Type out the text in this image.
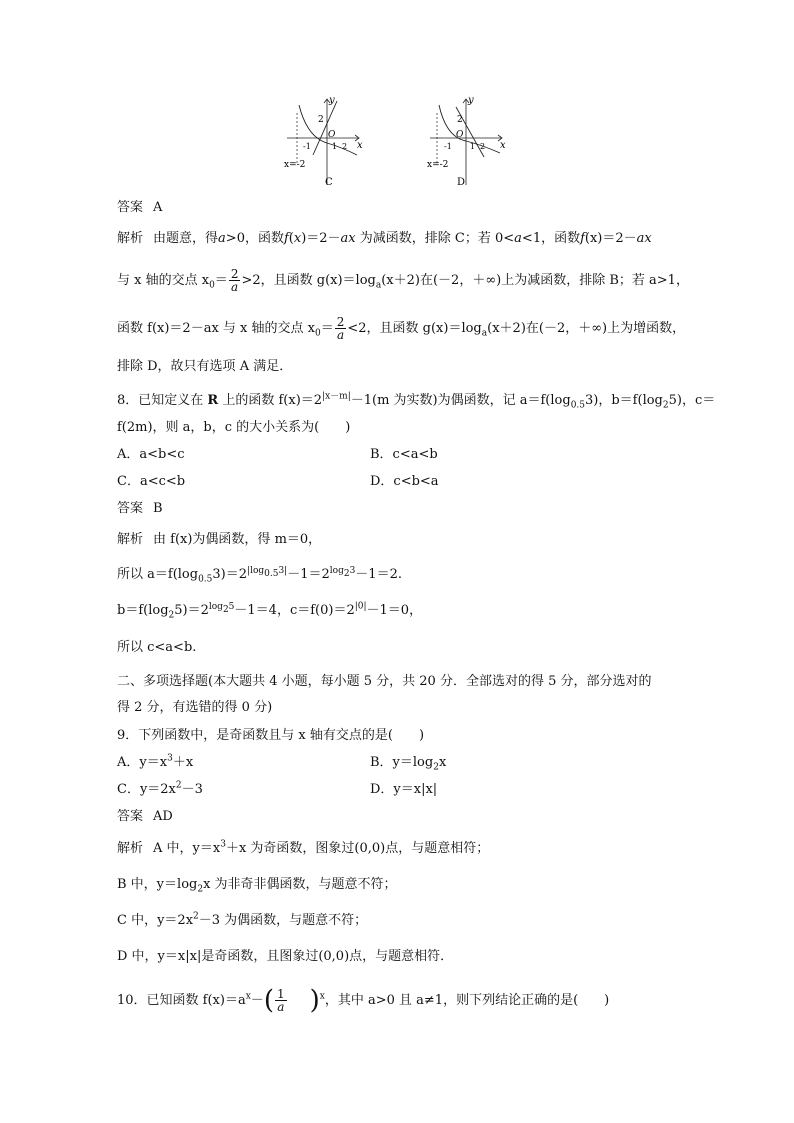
y
x
2
O
-1	1 2
x=-2
C
y
x
2
O
-1 1 2
x=-2
D
答案 A
解析 由题意，得a>0，函数f(x)＝2－ax 为减函数，排除 C；若 0<a<1，函数f(x)＝2－ax
与 x 轴的交点 $x_0= \frac{2}{a}>2$，且函数 $g(x)=\log_a(x+2)$在(－2，＋∞)上为减函数，排除 B；若 a>1，
函数 f(x)＝2－ax 与 x 轴的交点 $x_0= \frac{2}{a}<2$，且函数 $g(x)=\log_a(x+2)$在(－2，＋∞)上为增函数，
排除 D，故只有选项 A 满足．
8．已知定义在 R 上的函数 $f(x)=2^{|x-m|}-1(m$ 为实数)为偶函数，记 $a=f(\log_{0.5}3)$，$b=f(\log_25)$，c＝
f(2m)，则 a，b，c 的大小关系为(　　)
A．a<b<c	B．c<a<b
C．a<c<b	D．c<b<a
答案 B
解析 由 f(x)为偶函数，得 m＝0，
所以 $a=f(\log_{0.5}3)=2^{|log_{0.5}3|}-1=2^{log_23}-1=2$.
$b=f(\log_25)=2^{log_25}-1=4$，$c=f(0)=2^{|0|}-1=0$，
所以 c<a<b.
二、多项选择题(本大题共 4 小题，每小题 5 分，共 20 分．全部选对的得 5 分，部分选对的
得 2 分，有选错的得 0 分)
9．下列函数中，是奇函数且与 x 轴有交点的是(　　)
A．$y=x^3+x$	B．$y=\log_2x$
C．$y=2x^2-3$	D．y＝x|x|
答案 AD
解析 A 中，$y=x^3+x$ 为奇函数，图象过(0,0)点，与题意相符；
B 中，$y=\log_2x$ 为非奇非偶函数，与题意不符；
C 中，$y=2x^2-3$ 为偶函数，与题意不符；
D 中，y＝x|x|是奇函数，且图象过(0,0)点，与题意相符．
10．已知函数 $f(x)=a^x-( \frac{1}{a} )^x$，其中 a>0 且 a≠1，则下列结论正确的是(　　)
